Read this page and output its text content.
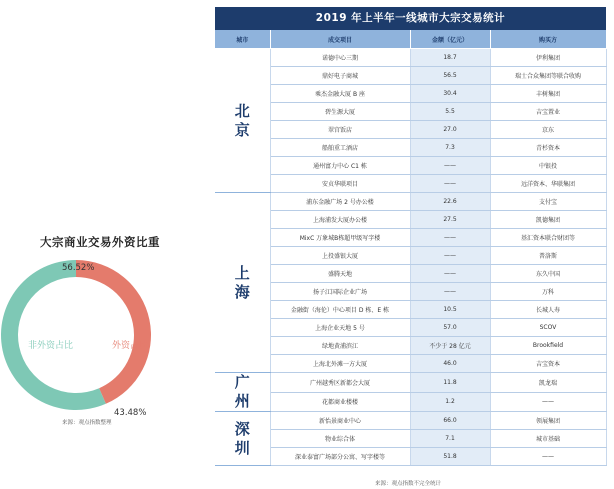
大宗商业交易外资比重
56.52%
43.48%
非外资占比	外资占比
来源：观点指数整理
2019 年上半年一线城市大宗交易统计
城市	成交项目	金额（亿元）	购买方

北
京	诺德中心三期	18.7	伊利集团
	鼎好电子商城	56.5	瑞士合众集团等联合收购
	乘杰金融大厦 B 座	30.4	丰树集团
	碧生源大厦	5.5	吉宝置业
	翠宫饭店	27.0	京东
	船舶重工酒店	7.3	青杉资本
	通州富力中心 C1 栋	——	中银投
	安贞华联项目	——	远洋资本、华联集团

上
海	浦东金融广场 2 号办公楼	22.6	支付宝
	上海浦发大厦办公楼	27.5	凯德集团
	MixC 万象城B栋超甲级写字楼	——	基汇资本联合财团等
	上投盛银大厦	——	普洛斯
	盛腾天地	——	东久中国
	扬子江国际企业广场	——	万科
	金融街（海伦）中心项目 D 栋、E 栋	10.5	长城人寿
	上海企业天地 5 号	57.0	SCOV
	绿地黄浦滨江	不少于 28 亿元	Brookfield
	上海北外滩一方大厦	46.0	吉宝资本

广
州	广州越秀区新都会大厦	11.8	凯龙瑞
	花都商业楼楼	1.2	——

深
圳	新怡景商业中心	66.0	领展集团
	物业综合体	7.1	城市基础
	深业泰富广场部分公寓、写字楼等	51.8	——
来源：观点指数不完全统计
